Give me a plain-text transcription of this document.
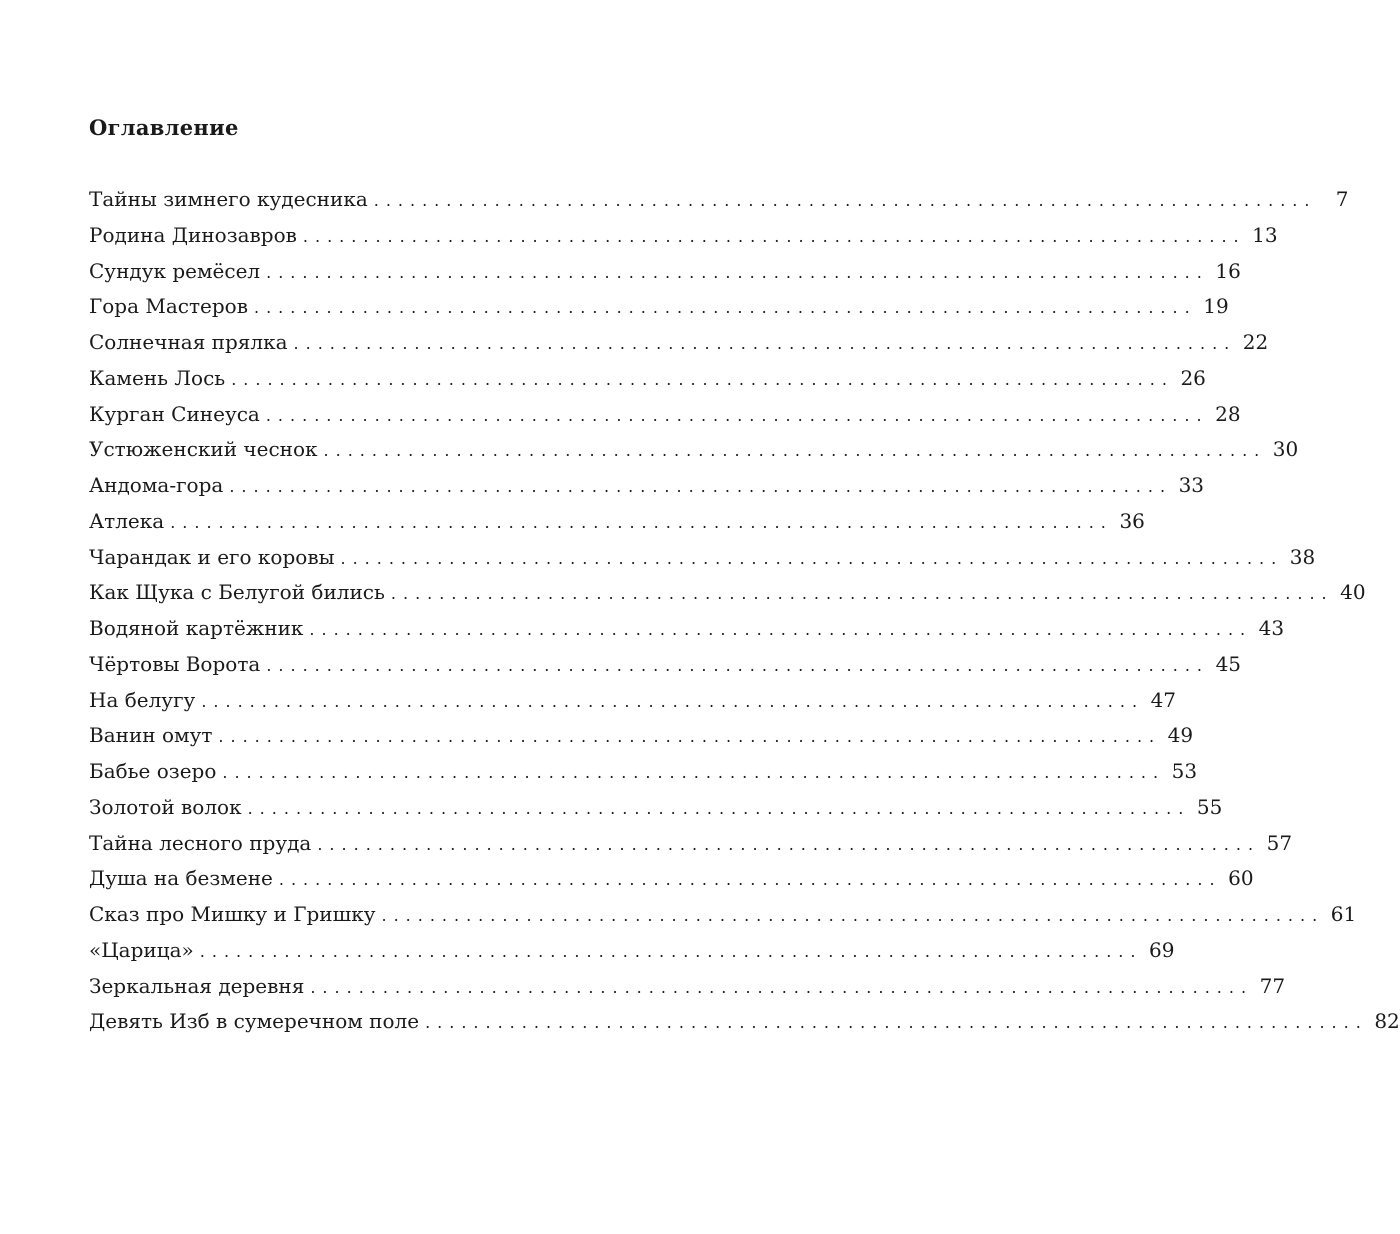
Оглавление
Тайны зимнего кудесника .............................................................................. 7
Родина Динозавров .............................................................................. 13
Сундук ремёсел .............................................................................. 16
Гора Мастеров .............................................................................. 19
Солнечная прялка .............................................................................. 22
Камень Лось .............................................................................. 26
Курган Синеуса .............................................................................. 28
Устюженский чеснок .............................................................................. 30
Андома-гора .............................................................................. 33
Атлека .............................................................................. 36
Чарандак и его коровы .............................................................................. 38
Как Щука с Белугой бились .............................................................................. 40
Водяной картёжник .............................................................................. 43
Чёртовы Ворота .............................................................................. 45
На белугу .............................................................................. 47
Ванин омут .............................................................................. 49
Бабье озеро .............................................................................. 53
Золотой волок .............................................................................. 55
Тайна лесного пруда .............................................................................. 57
Душа на безмене .............................................................................. 60
Сказ про Мишку и Гришку .............................................................................. 61
«Царица» .............................................................................. 69
Зеркальная деревня .............................................................................. 77
Девять Изб в сумеречном поле .............................................................................. 82
